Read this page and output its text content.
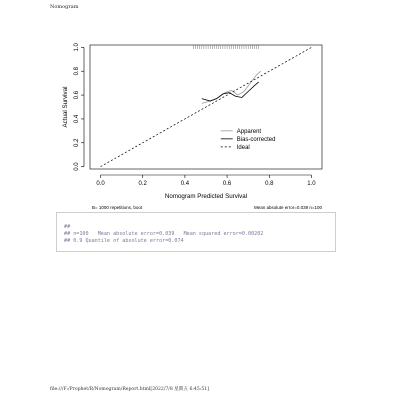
Nomogram
0.0	0.2	0.4	0.6	0.8	1.0
0.0
0.2
0.4
0.6
0.8
1.0
Apparent
Bias-corrected
Ideal
Nomogram Predicted Survival
Actual Survival
B= 1000 repetitions, boot	Mean absolute error=0.039 n=100

##
## n=100   Mean absolute error=0.039   Mean squared error=0.00202
## 0.9 Quantile of absolute error=0.074

file:///F:/Prophet/R/Nomogram/Report.html[2022/7/8 星期五 6:45:51]
